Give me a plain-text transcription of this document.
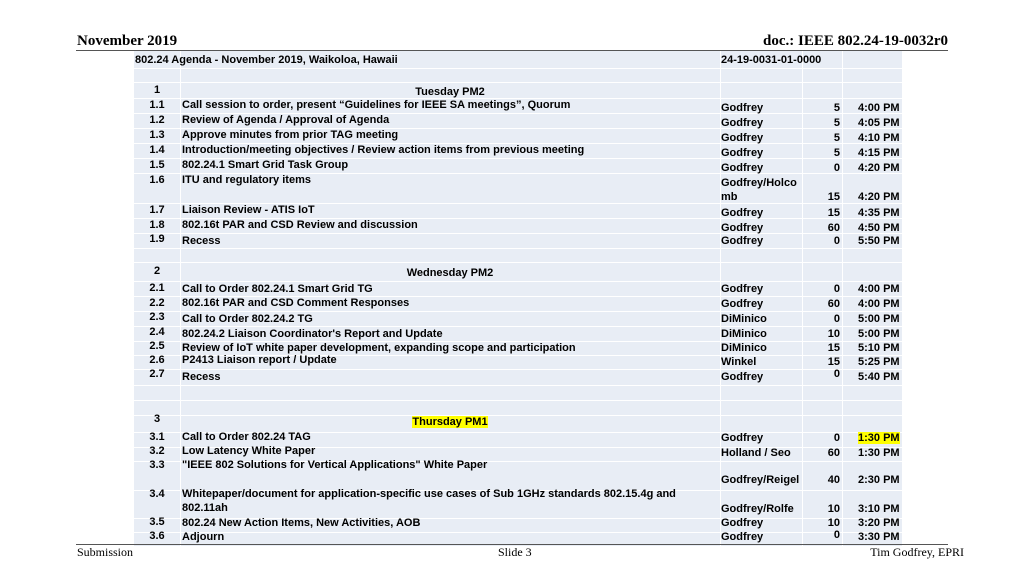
November 2019	doc.: IEEE 802.24-19-0032r0
802.24 Agenda - November 2019, Waikoloa, Hawaii	24-19-0031-01-0000
1	Tuesday PM2
1.1	Call session to order, present “Guidelines for IEEE SA meetings”, Quorum	Godfrey	5	4:00 PM
1.2	Review of Agenda / Approval of Agenda	Godfrey	5	4:05 PM
1.3	Approve minutes from prior TAG meeting	Godfrey	5	4:10 PM
1.4	Introduction/meeting objectives / Review action items from previous meeting	Godfrey	5	4:15 PM
1.5	802.24.1 Smart Grid Task Group	Godfrey	0	4:20 PM
1.6	ITU and regulatory items	Godfrey/Holco
mb	15	4:20 PM
1.7	Liaison Review - ATIS IoT	Godfrey	15	4:35 PM
1.8	802.16t PAR and CSD Review and discussion	Godfrey	60	4:50 PM
1.9	Recess	Godfrey	0	5:50 PM
2	Wednesday PM2
2.1	Call to Order 802.24.1 Smart Grid TG	Godfrey	0	4:00 PM
2.2	802.16t PAR and CSD Comment Responses	Godfrey	60	4:00 PM
2.3	Call to Order 802.24.2 TG	DiMinico	0	5:00 PM
2.4	802.24.2 Liaison Coordinator's Report and Update	DiMinico	10	5:00 PM
2.5	Review of IoT white paper development, expanding scope and participation	DiMinico	15	5:10 PM
2.6	P2413 Liaison report / Update	Winkel	15	5:25 PM
2.7	Recess	Godfrey	0	5:40 PM
3	Thursday PM1
3.1	Call to Order 802.24 TAG	Godfrey	0	1:30 PM
3.2	Low Latency White Paper	Holland / Seo	60	1:30 PM
3.3	"IEEE 802 Solutions for Vertical Applications" White Paper
Godfrey/Reigel	40	2:30 PM
3.4	Whitepaper/document for application-specific use cases of Sub 1GHz standards 802.15.4g and
802.11ah	Godfrey/Rolfe	10	3:10 PM
3.5	802.24 New Action Items, New Activities, AOB	Godfrey	10	3:20 PM
3.6	Adjourn	Godfrey	0	3:30 PM
Submission	Slide 3	Tim Godfrey, EPRI
